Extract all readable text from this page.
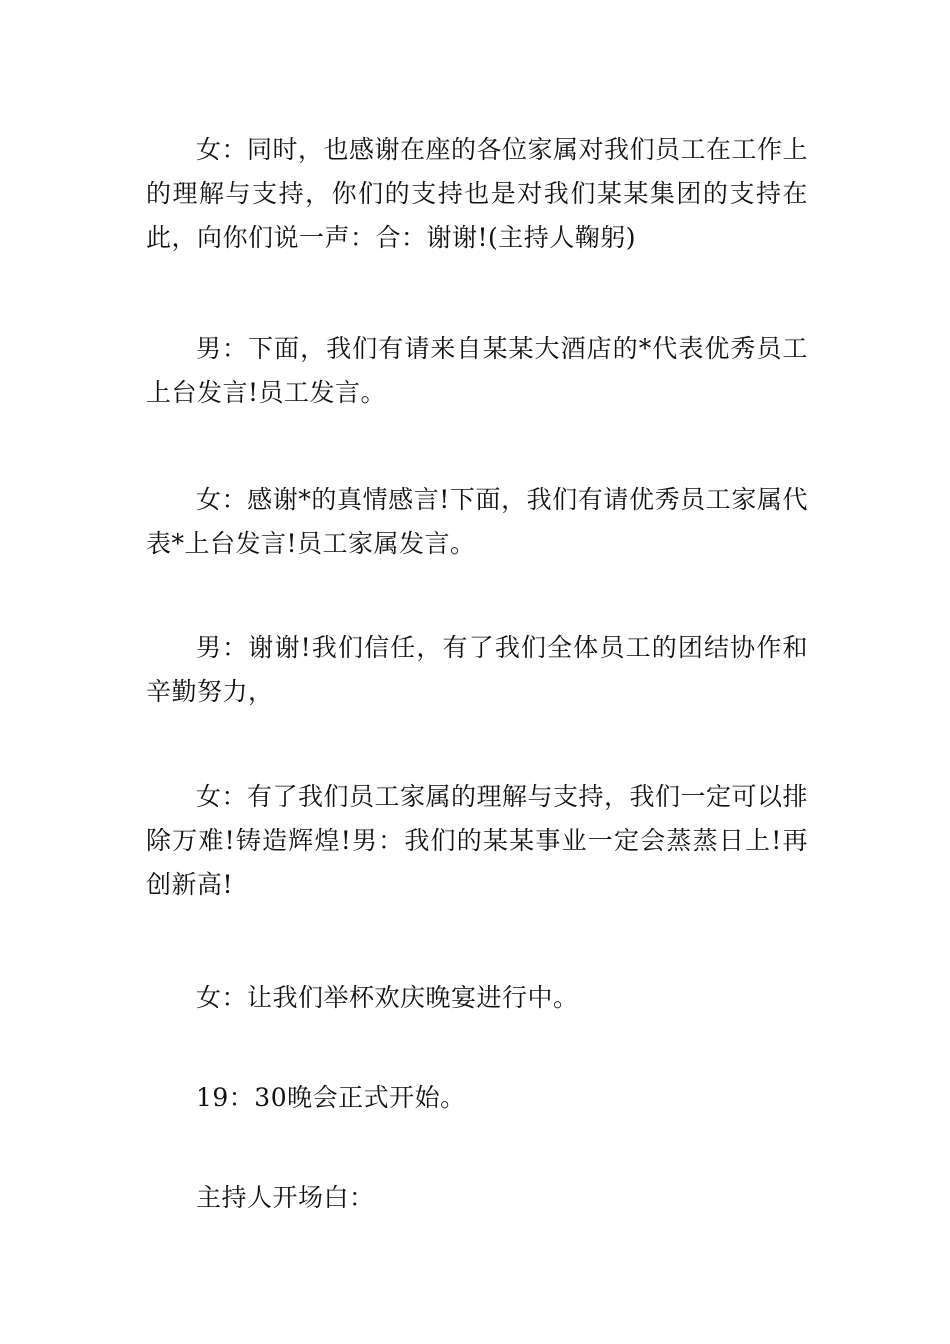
女：同时，也感谢在座的各位家属对我们员工在工作上的理解与支持，你们的支持也是对我们某某集团的支持在此，向你们说一声：合：谢谢!(主持人鞠躬)

男：下面，我们有请来自某某大酒店的*代表优秀员工上台发言!员工发言。

女：感谢*的真情感言!下面，我们有请优秀员工家属代表*上台发言!员工家属发言。

男：谢谢!我们信任，有了我们全体员工的团结协作和辛勤努力，

女：有了我们员工家属的理解与支持，我们一定可以排除万难!铸造辉煌!男：我们的某某事业一定会蒸蒸日上!再创新高!

女：让我们举杯欢庆晚宴进行中。

19：30晚会正式开始。

主持人开场白：
